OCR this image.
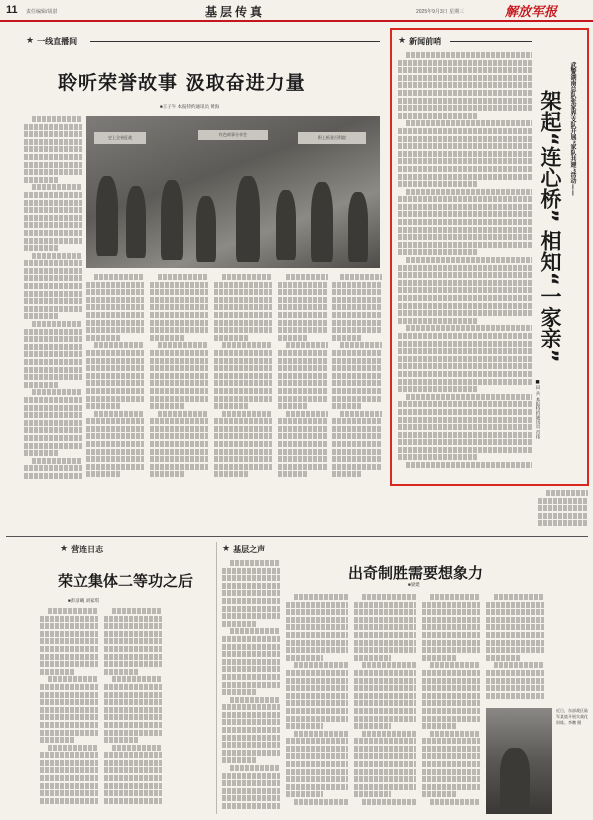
11 责任编辑/胡湛	基层传真	2025年9月3日 星期三	解放军报
★ 一线直播间
聆听荣誉故事 汲取奋进力量
■王子牛 本报特约通讯员 黄海
史上全省征战
红色故事分享会
积上抓金百科院
★ 新闻前哨
武警湖南总队张家界支队开展“家队共建”活动——
架起“连心桥” 相知“一家亲”
■田 兵 本报特约通讯员 肖伟
★ 营连日志
荣立集体二等功之后
■彭彦曦 刘家琪
★ 基层之声
出奇制胜需要想象力
■梁建
近日，东部战区陆军某旅开展实战化训练。李鹏 摄
